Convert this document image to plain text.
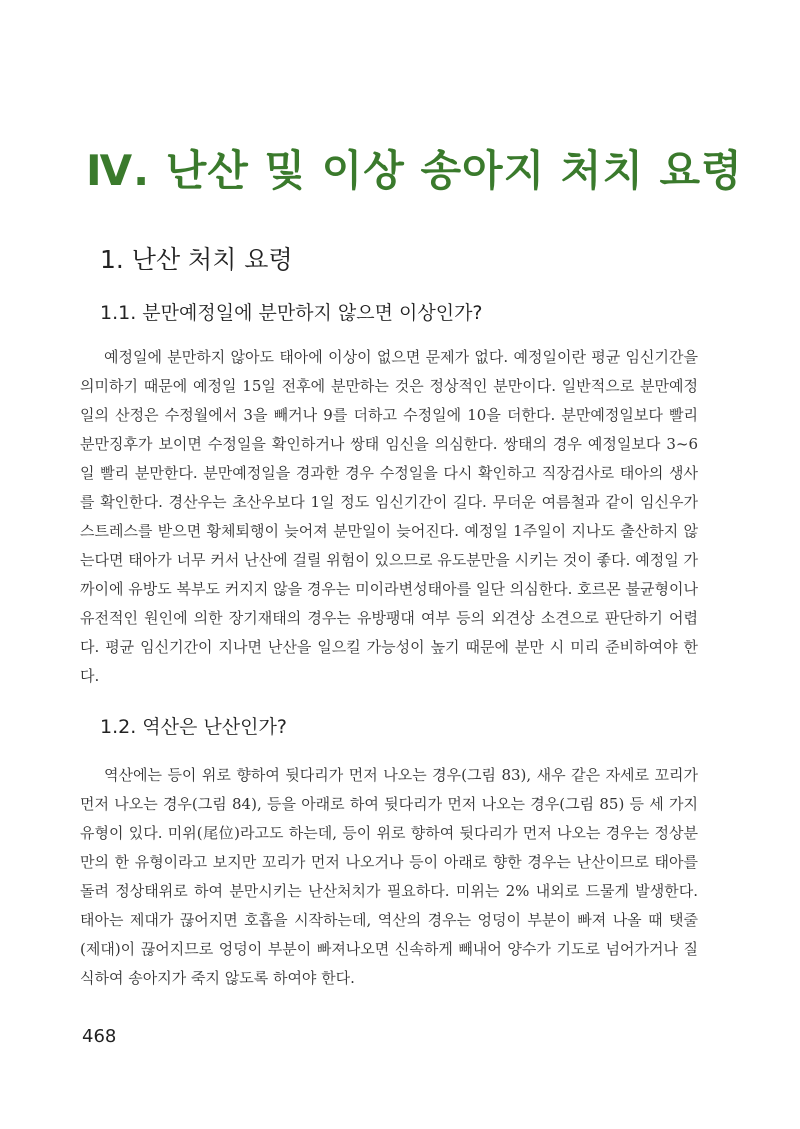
Ⅳ. 난산 및 이상 송아지 처치 요령
1. 난산 처치 요령
1.1. 분만예정일에 분만하지 않으면 이상인가?

예정일에 분만하지 않아도 태아에 이상이 없으면 문제가 없다. 예정일이란 평균 임신기간을 의미하기 때문에 예정일 15일 전후에 분만하는 것은 정상적인 분만이다. 일반적으로 분만예정일의 산정은 수정월에서 3을 빼거나 9를 더하고 수정일에 10을 더한다. 분만예정일보다 빨리 분만징후가 보이면 수정일을 확인하거나 쌍태 임신을 의심한다. 쌍태의 경우 예정일보다 3~6일 빨리 분만한다. 분만예정일을 경과한 경우 수정일을 다시 확인하고 직장검사로 태아의 생사를 확인한다. 경산우는 초산우보다 1일 정도 임신기간이 길다. 무더운 여름철과 같이 임신우가 스트레스를 받으면 황체퇴행이 늦어져 분만일이 늦어진다. 예정일 1주일이 지나도 출산하지 않는다면 태아가 너무 커서 난산에 걸릴 위험이 있으므로 유도분만을 시키는 것이 좋다. 예정일 가까이에 유방도 복부도 커지지 않을 경우는 미이라변성태아를 일단 의심한다. 호르몬 불균형이나 유전적인 원인에 의한 장기재태의 경우는 유방팽대 여부 등의 외견상 소견으로 판단하기 어렵다. 평균 임신기간이 지나면 난산을 일으킬 가능성이 높기 때문에 분만 시 미리 준비하여야 한다.

1.2. 역산은 난산인가?

역산에는 등이 위로 향하여 뒷다리가 먼저 나오는 경우(그림 83), 새우 같은 자세로 꼬리가 먼저 나오는 경우(그림 84), 등을 아래로 하여 뒷다리가 먼저 나오는 경우(그림 85) 등 세 가지 유형이 있다. 미위(尾位)라고도 하는데, 등이 위로 향하여 뒷다리가 먼저 나오는 경우는 정상분만의 한 유형이라고 보지만 꼬리가 먼저 나오거나 등이 아래로 향한 경우는 난산이므로 태아를 돌려 정상태위로 하여 분만시키는 난산처치가 필요하다. 미위는 2% 내외로 드물게 발생한다. 태아는 제대가 끊어지면 호흡을 시작하는데, 역산의 경우는 엉덩이 부분이 빠져 나올 때 탯줄(제대)이 끊어지므로 엉덩이 부분이 빠져나오면 신속하게 빼내어 양수가 기도로 넘어가거나 질식하여 송아지가 죽지 않도록 하여야 한다.

468
